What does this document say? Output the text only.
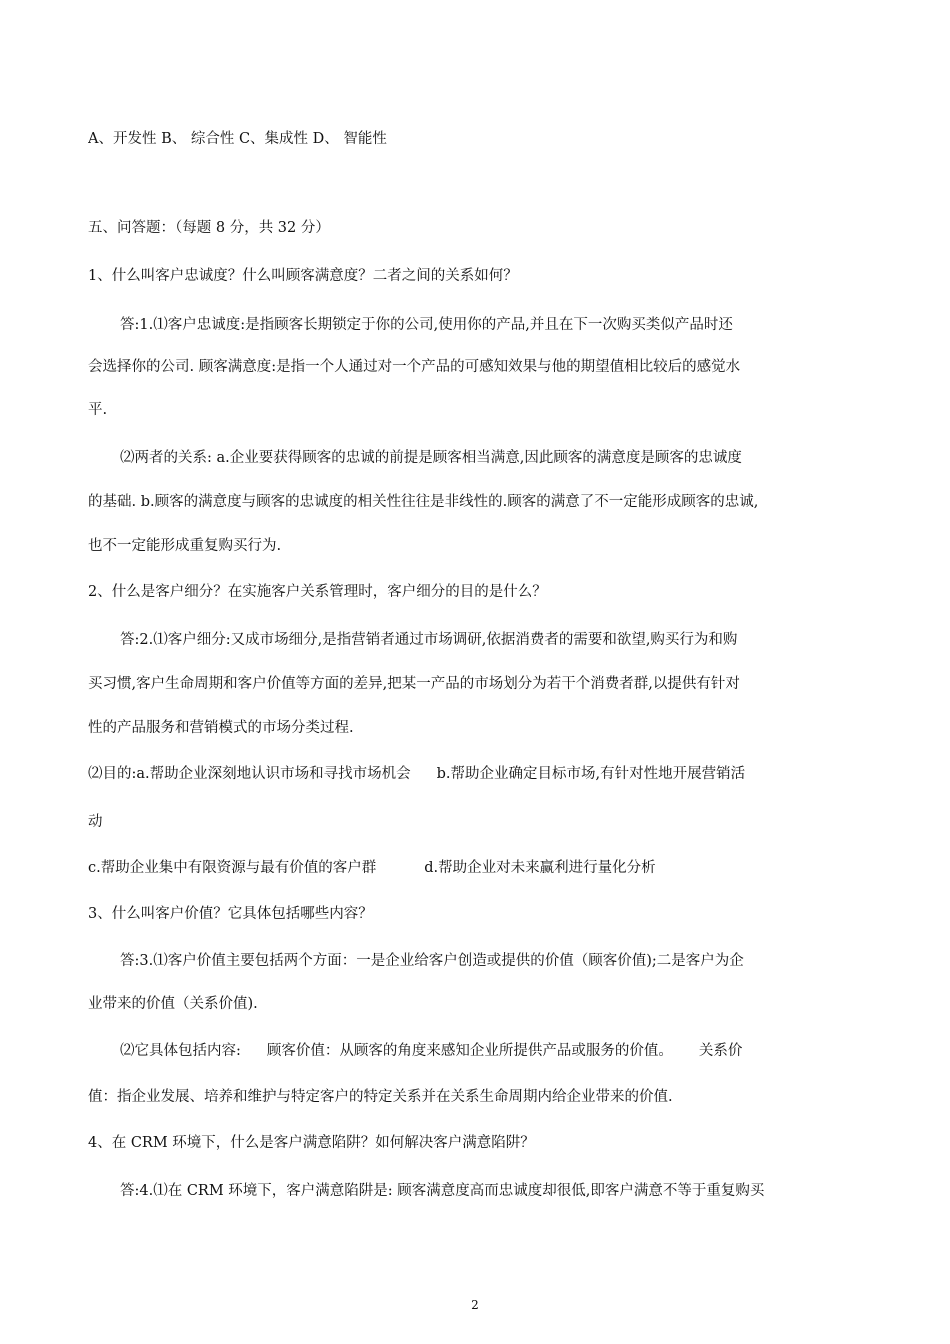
A、开发性 B、 综合性 C、集成性 D、 智能性
五、问答题：（每题 8 分，共 32 分）
1、什么叫客户忠诚度？什么叫顾客满意度？二者之间的关系如何？
答:1.⑴客户忠诚度:是指顾客长期锁定于你的公司,使用你的产品,并且在下一次购买类似产品时还
会选择你的公司. 顾客满意度:是指一个人通过对一个产品的可感知效果与他的期望值相比较后的感觉水
平.
⑵两者的关系: a.企业要获得顾客的忠诚的前提是顾客相当满意,因此顾客的满意度是顾客的忠诚度
的基础. b.顾客的满意度与顾客的忠诚度的相关性往往是非线性的.顾客的满意了不一定能形成顾客的忠诚,
也不一定能形成重复购买行为.
2、什么是客户细分？在实施客户关系管理时，客户细分的目的是什么？
答:2.⑴客户细分:又成市场细分,是指营销者通过市场调研,依据消费者的需要和欲望,购买行为和购
买习惯,客户生命周期和客户价值等方面的差异,把某一产品的市场划分为若干个消费者群,以提供有针对
性的产品服务和营销模式的市场分类过程.
⑵目的:a.帮助企业深刻地认识市场和寻找市场机会 b.帮助企业确定目标市场,有针对性地开展营销活
动
c.帮助企业集中有限资源与最有价值的客户群	d.帮助企业对未来赢利进行量化分析
3、什么叫客户价值？它具体包括哪些内容？
答:3.⑴客户价值主要包括两个方面：一是企业给客户创造或提供的价值（顾客价值);二是客户为企
业带来的价值（关系价值).
⑵它具体包括内容: 顾客价值：从顾客的角度来感知企业所提供产品或服务的价值。 关系价
值：指企业发展、培养和维护与特定客户的特定关系并在关系生命周期内给企业带来的价值.
4、在 CRM 环境下，什么是客户满意陷阱？如何解决客户满意陷阱？
答:4.⑴在 CRM 环境下，客户满意陷阱是: 顾客满意度高而忠诚度却很低,即客户满意不等于重复购买
2
